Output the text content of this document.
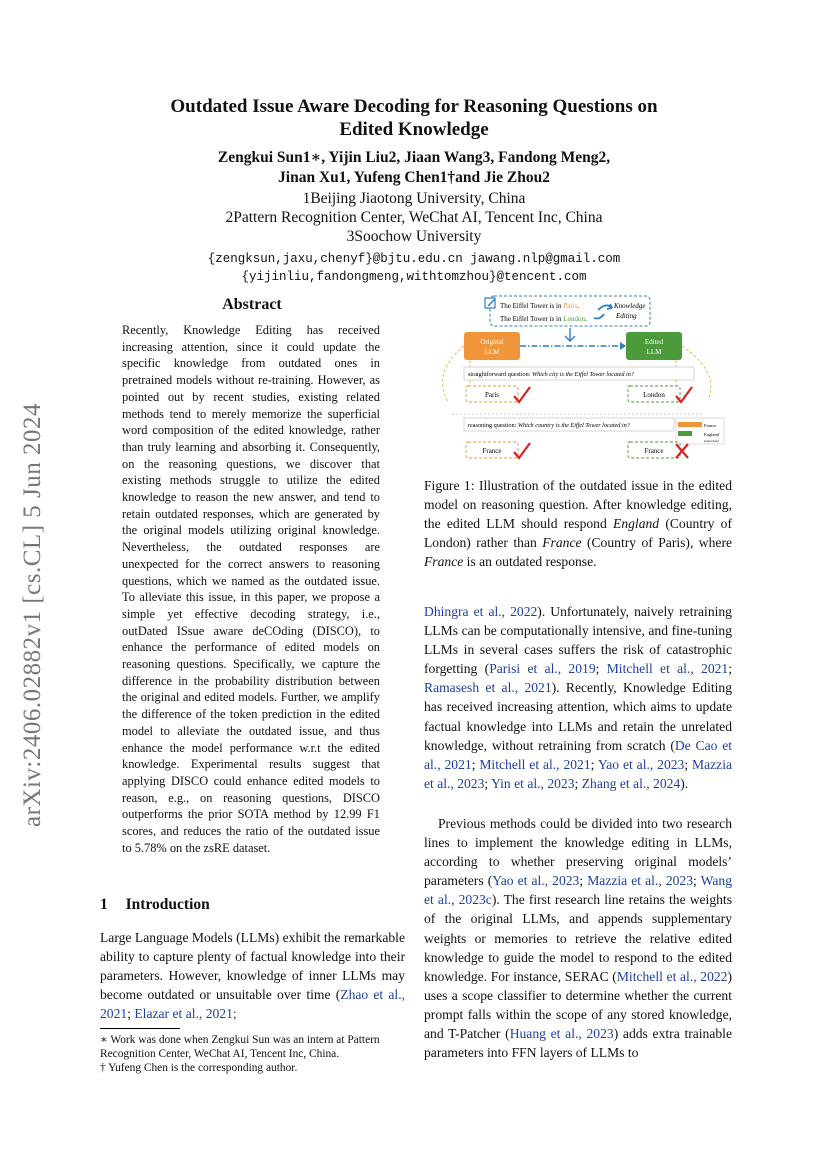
arXiv:2406.02882v1 [cs.CL] 5 Jun 2024
Outdated Issue Aware Decoding for Reasoning Questions on
Edited Knowledge
Zengkui Sun1∗, Yijin Liu2, Jiaan Wang3, Fandong Meng2,
Jinan Xu1, Yufeng Chen1†and Jie Zhou2
1Beijing Jiaotong University, China
2Pattern Recognition Center, WeChat AI, Tencent Inc, China
3Soochow University
{zengksun,jaxu,chenyf}@bjtu.edu.cn jawang.nlp@gmail.com
{yijinliu,fandongmeng,withtomzhou}@tencent.com
Abstract
Recently, Knowledge Editing has received increasing attention, since it could update the specific knowledge from outdated ones in pretrained models without re-training. However, as pointed out by recent studies, existing related methods tend to merely memorize the superficial word composition of the edited knowledge, rather than truly learning and absorbing it. Consequently, on the reasoning questions, we discover that existing methods struggle to utilize the edited knowledge to reason the new answer, and tend to retain outdated responses, which are generated by the original models utilizing original knowledge. Nevertheless, the outdated responses are unexpected for the correct answers to reasoning questions, which we named as the outdated issue. To alleviate this issue, in this paper, we propose a simple yet effective decoding strategy, i.e., outDated ISsue aware deCOding (DISCO), to enhance the performance of edited models on reasoning questions. Specifically, we capture the difference in the probability distribution between the original and edited models. Further, we amplify the difference of the token prediction in the edited model to alleviate the outdated issue, and thus enhance the model performance w.r.t the edited knowledge. Experimental results suggest that applying DISCO could enhance edited models to reason, e.g., on reasoning questions, DISCO outperforms the prior SOTA method by 12.99 F1 scores, and reduces the ratio of the outdated issue to 5.78% on the zsRE dataset.
1 Introduction
Large Language Models (LLMs) exhibit the remarkable ability to capture plenty of factual knowledge into their parameters. However, knowledge of inner LLMs may become outdated or unsuitable over time (Zhao et al., 2021; Elazar et al., 2021;
∗ Work was done when Zengkui Sun was an intern at Pattern Recognition Center, WeChat AI, Tencent Inc, China.
† Yufeng Chen is the corresponding author.
The Eiffel Tower is in Paris.
The Eiffel Tower is in London.
Knowledge
Editing
Original
LLM
Edited
LLM
straightforward question: Which city is the Eiffel Tower located in?
Paris	London
reasoning question: Which country is the Eiffel Tower located in?	France
England
(expected)
France	France
Figure 1: Illustration of the outdated issue in the edited model on reasoning question. After knowledge editing, the edited LLM should respond England (Country of London) rather than France (Country of Paris), where France is an outdated response.
Dhingra et al., 2022). Unfortunately, naively retraining LLMs can be computationally intensive, and fine-tuning LLMs in several cases suffers the risk of catastrophic forgetting (Parisi et al., 2019; Mitchell et al., 2021; Ramasesh et al., 2021). Recently, Knowledge Editing has received increasing attention, which aims to update factual knowledge into LLMs and retain the unrelated knowledge, without retraining from scratch (De Cao et al., 2021; Mitchell et al., 2021; Yao et al., 2023; Mazzia et al., 2023; Yin et al., 2023; Zhang et al., 2024).
Previous methods could be divided into two research lines to implement the knowledge editing in LLMs, according to whether preserving original models’ parameters (Yao et al., 2023; Mazzia et al., 2023; Wang et al., 2023c). The first research line retains the weights of the original LLMs, and appends supplementary weights or memories to retrieve the relative edited knowledge to guide the model to respond to the edited knowledge. For instance, SERAC (Mitchell et al., 2022) uses a scope classifier to determine whether the current prompt falls within the scope of any stored knowledge, and T-Patcher (Huang et al., 2023) adds extra trainable parameters into FFN layers of LLMs to
